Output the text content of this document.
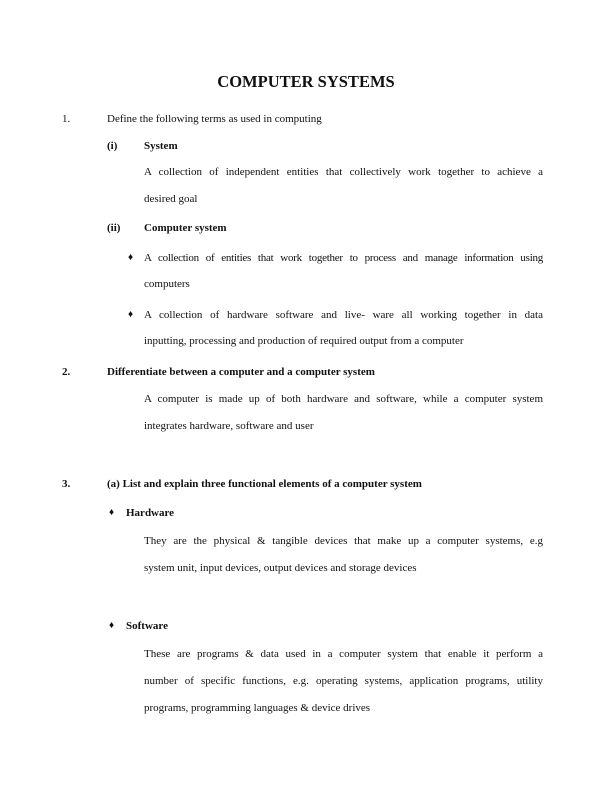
COMPUTER SYSTEMS
1.	Define the following terms as used in computing
(i) System
A collection of independent entities that collectively work together to achieve a
desired goal
(ii) Computer system
♦ A collection of entities that work together to process and manage information using
computers
♦ A collection of hardware software and live- ware all working together in data
inputting, processing and production of required output from a computer
2.	Differentiate between a computer and a computer system
A computer is made up of both hardware and software, while a computer system
integrates hardware, software and user
3.	(a) List and explain three functional elements of a computer system
♦ Hardware
They are the physical & tangible devices that make up a computer systems, e.g
system unit, input devices, output devices and storage devices
♦ Software
These are programs & data used in a computer system that enable it perform a
number of specific functions, e.g. operating systems, application programs, utility
programs, programming languages & device drives
